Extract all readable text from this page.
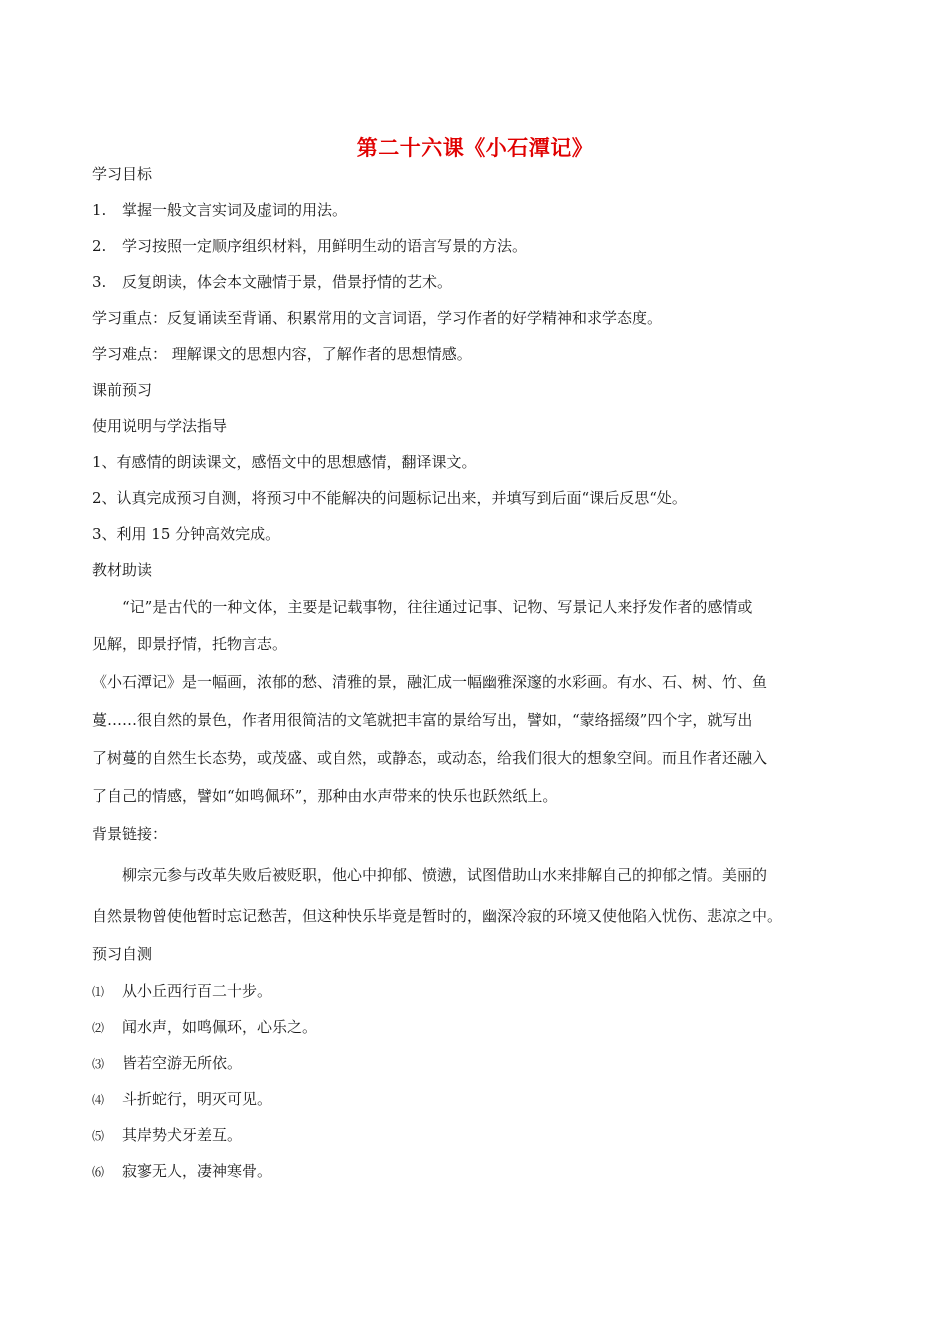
第二十六课《小石潭记》
学习目标
1. 掌握一般文言实词及虚词的用法。
2. 学习按照一定顺序组织材料，用鲜明生动的语言写景的方法。
3. 反复朗读，体会本文融情于景，借景抒情的艺术。
学习重点：反复诵读至背诵、积累常用的文言词语，学习作者的好学精神和求学态度。
学习难点： 理解课文的思想内容，了解作者的思想情感。
课前预习
使用说明与学法指导
1、有感情的朗读课文，感悟文中的思想感情，翻译课文。
2、认真完成预习自测，将预习中不能解决的问题标记出来，并填写到后面“课后反思“处。
3、利用 15 分钟高效完成。
教材助读
“记”是古代的一种文体，主要是记载事物，往往通过记事、记物、写景记人来抒发作者的感情或
见解，即景抒情，托物言志。
《小石潭记》是一幅画，浓郁的愁、清雅的景，融汇成一幅幽雅深邃的水彩画。有水、石、树、竹、鱼
蔓……很自然的景色，作者用很简洁的文笔就把丰富的景给写出，譬如，“蒙络摇缀”四个字，就写出
了树蔓的自然生长态势，或茂盛、或自然，或静态，或动态，给我们很大的想象空间。而且作者还融入
了自己的情感，譬如“如鸣佩环”，那种由水声带来的快乐也跃然纸上。
背景链接：
柳宗元参与改革失败后被贬职，他心中抑郁、愤懑，试图借助山水来排解自己的抑郁之情。美丽的
自然景物曾使他暂时忘记愁苦，但这种快乐毕竟是暂时的，幽深冷寂的环境又使他陷入忧伤、悲凉之中。
预习自测
⑴ 从小丘西行百二十步。
⑵ 闻水声，如鸣佩环，心乐之。
⑶ 皆若空游无所依。
⑷ 斗折蛇行，明灭可见。
⑸ 其岸势犬牙差互。
⑹ 寂寥无人，凄神寒骨。
